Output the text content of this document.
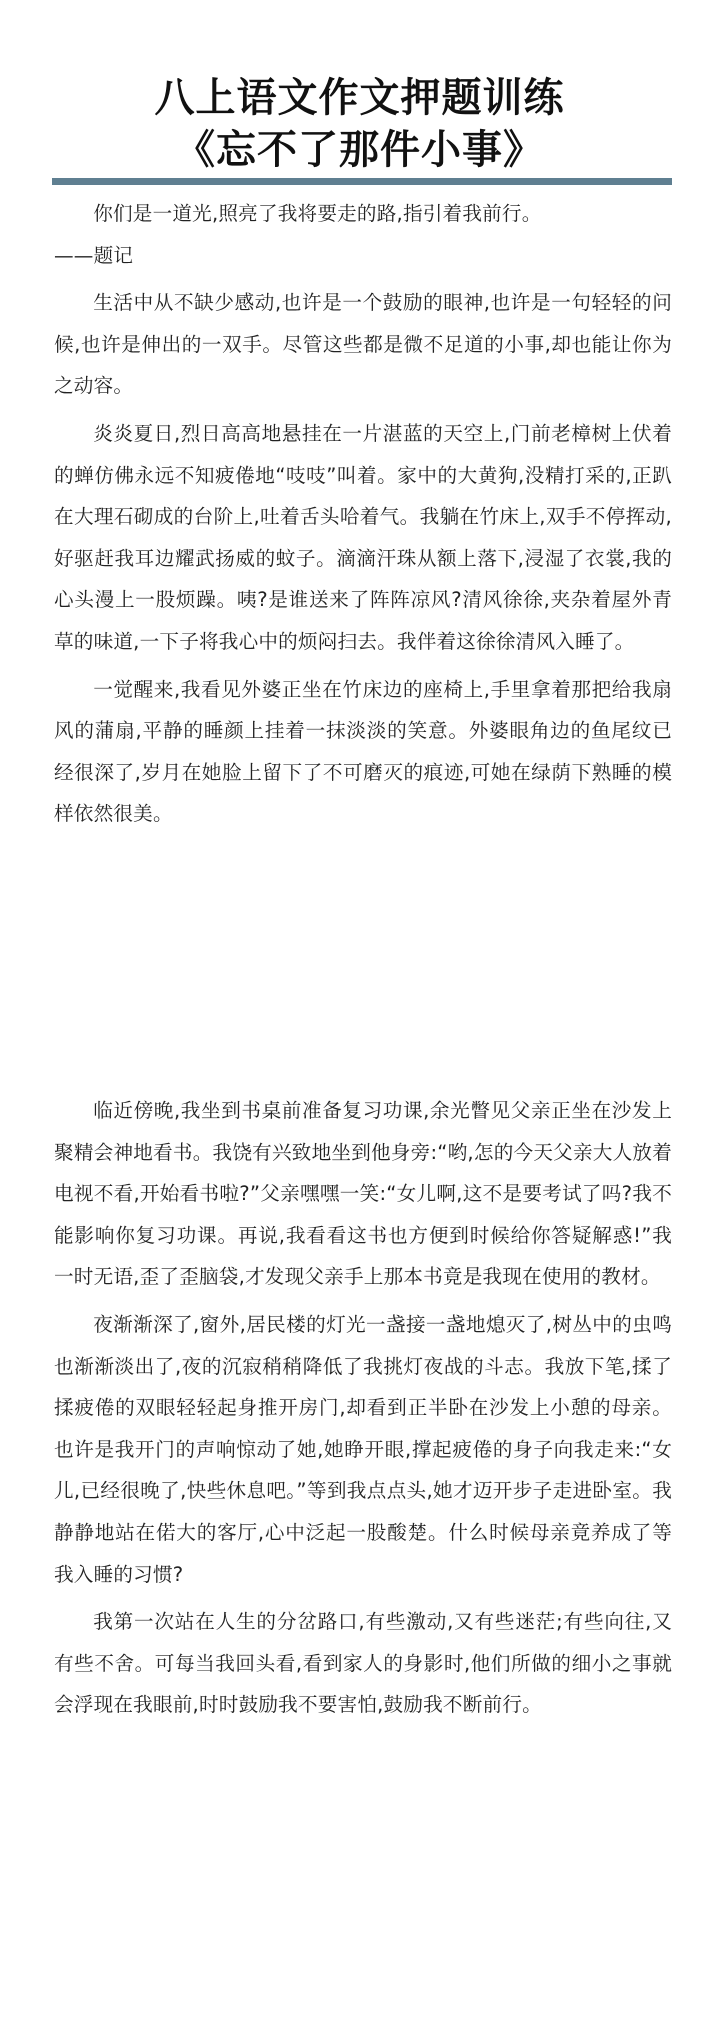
八上语文作文押题训练
《忘不了那件小事》

你们是一道光,照亮了我将要走的路,指引着我前行。

——题记

生活中从不缺少感动,也许是一个鼓励的眼神,也许是一句轻轻的问候,也许是伸出的一双手。尽管这些都是微不足道的小事,却也能让你为之动容。

炎炎夏日,烈日高高地悬挂在一片湛蓝的天空上,门前老樟树上伏着的蝉仿佛永远不知疲倦地“吱吱”叫着。家中的大黄狗,没精打采的,正趴在大理石砌成的台阶上,吐着舌头哈着气。我躺在竹床上,双手不停挥动,好驱赶我耳边耀武扬威的蚊子。滴滴汗珠从额上落下,浸湿了衣裳,我的心头漫上一股烦躁。咦?是谁送来了阵阵凉风?清风徐徐,夹杂着屋外青草的味道,一下子将我心中的烦闷扫去。我伴着这徐徐清风入睡了。

一觉醒来,我看见外婆正坐在竹床边的座椅上,手里拿着那把给我扇风的蒲扇,平静的睡颜上挂着一抹淡淡的笑意。外婆眼角边的鱼尾纹已经很深了,岁月在她脸上留下了不可磨灭的痕迹,可她在绿荫下熟睡的模样依然很美。

临近傍晚,我坐到书桌前准备复习功课,余光瞥见父亲正坐在沙发上聚精会神地看书。我饶有兴致地坐到他身旁:“哟,怎的今天父亲大人放着电视不看,开始看书啦?”父亲嘿嘿一笑:“女儿啊,这不是要考试了吗?我不能影响你复习功课。再说,我看看这书也方便到时候给你答疑解惑!”我一时无语,歪了歪脑袋,才发现父亲手上那本书竟是我现在使用的教材。

夜渐渐深了,窗外,居民楼的灯光一盏接一盏地熄灭了,树丛中的虫鸣也渐渐淡出了,夜的沉寂稍稍降低了我挑灯夜战的斗志。我放下笔,揉了揉疲倦的双眼轻轻起身推开房门,却看到正半卧在沙发上小憩的母亲。也许是我开门的声响惊动了她,她睁开眼,撑起疲倦的身子向我走来:“女儿,已经很晚了,快些休息吧。”等到我点点头,她才迈开步子走进卧室。我静静地站在偌大的客厅,心中泛起一股酸楚。什么时候母亲竟养成了等我入睡的习惯?

我第一次站在人生的分岔路口,有些激动,又有些迷茫;有些向往,又有些不舍。可每当我回头看,看到家人的身影时,他们所做的细小之事就会浮现在我眼前,时时鼓励我不要害怕,鼓励我不断前行。
